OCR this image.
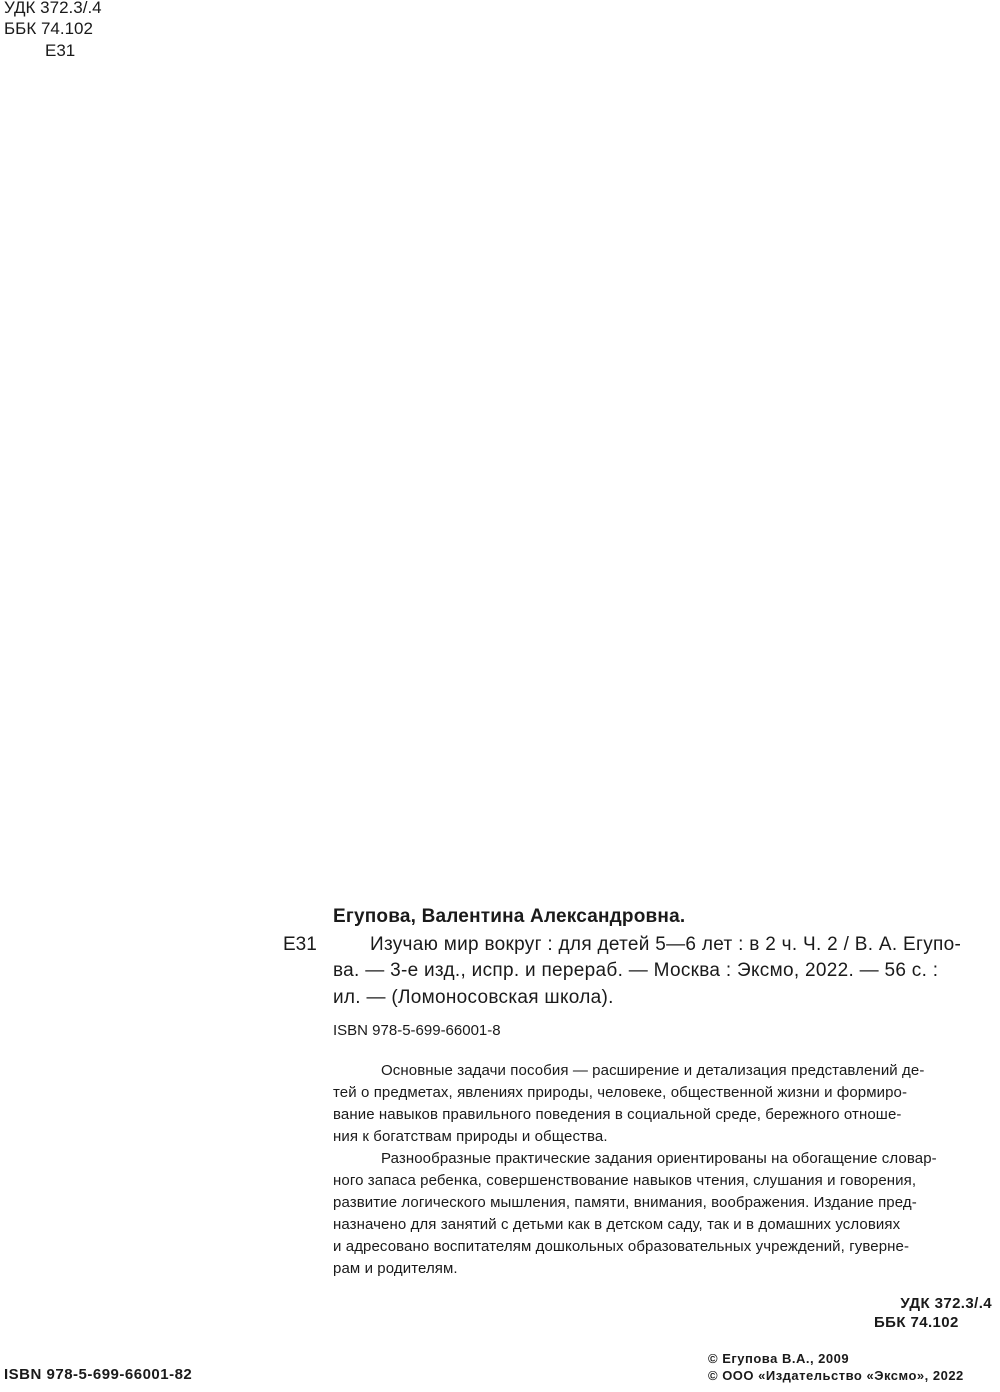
УДК 372.3/.4
ББК 74.102
Е31
Егупова, Валентина Александровна.
Е31	Изучаю мир вокруг : для детей 5—6 лет : в 2 ч. Ч. 2 / В. А. Егупо-
ва. — 3-е изд., испр. и перераб. — Москва : Эксмо, 2022. — 56 с. :
ил. — (Ломоносовская школа).
ISBN 978-5-699-66001-8
Основные задачи пособия — расширение и детализация представлений де-
тей о предметах, явлениях природы, человеке, общественной жизни и формиро-
вание навыков правильного поведения в социальной среде, бережного отноше-
ния к богатствам природы и общества.
Разнообразные практические задания ориентированы на обогащение словар-
ного запаса ребенка, совершенствование навыков чтения, слушания и говорения,
развитие логического мышления, памяти, внимания, воображения. Издание пред-
назначено для занятий с детьми как в детском саду, так и в домашних условиях
и адресовано воспитателям дошкольных образовательных учреждений, гувернe-
рам и родителям.
УДК 372.3/.4
ББК 74.102
ISBN 978-5-699-66001-82
© Егупова В.А., 2009
© ООО «Издательство «Эксмо», 2022
